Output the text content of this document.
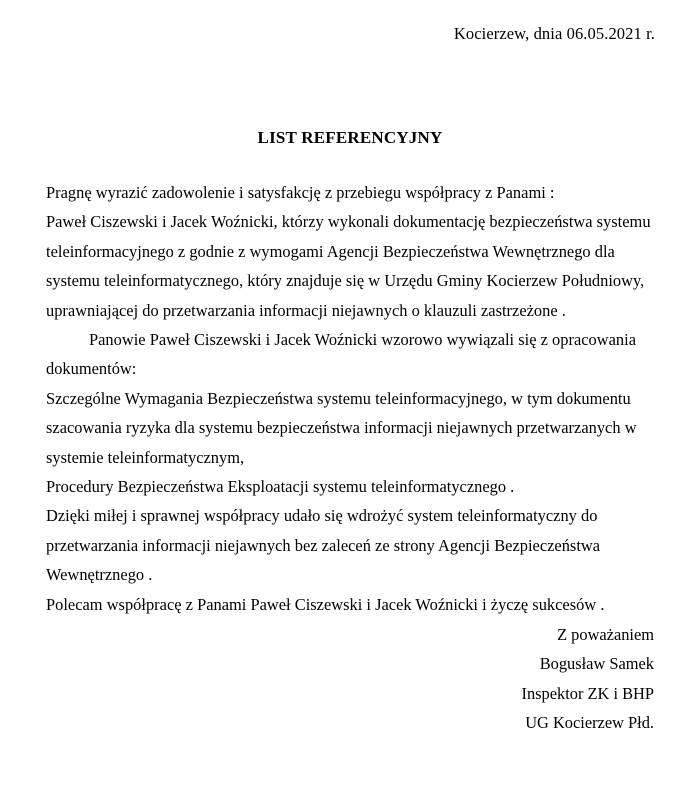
Kocierzew, dnia 06.05.2021 r.
LIST REFERENCYJNY
Pragnę wyrazić zadowolenie i satysfakcję z przebiegu współpracy z Panami :
Paweł Ciszewski i Jacek Woźnicki, którzy wykonali dokumentację bezpieczeństwa systemu
teleinformacyjnego z godnie z wymogami Agencji Bezpieczeństwa Wewnętrznego dla
systemu teleinformatycznego, który znajduje się w Urzędu Gminy Kocierzew Południowy,
uprawniającej do przetwarzania informacji niejawnych o klauzuli zastrzeżone .
Panowie Paweł Ciszewski i Jacek Woźnicki wzorowo wywiązali się z opracowania
dokumentów:
Szczególne Wymagania Bezpieczeństwa systemu teleinformacyjnego, w tym dokumentu
szacowania ryzyka dla systemu bezpieczeństwa informacji niejawnych przetwarzanych w
systemie teleinformatycznym,
Procedury Bezpieczeństwa Eksploatacji systemu teleinformatycznego .
Dzięki miłej i sprawnej współpracy udało się wdrożyć system teleinformatyczny do
przetwarzania informacji niejawnych bez zaleceń ze strony Agencji Bezpieczeństwa
Wewnętrznego .
Polecam współpracę z Panami Paweł Ciszewski i Jacek Woźnicki i życzę sukcesów .
Z poważaniem
Bogusław Samek
Inspektor ZK i BHP
UG Kocierzew Płd.
